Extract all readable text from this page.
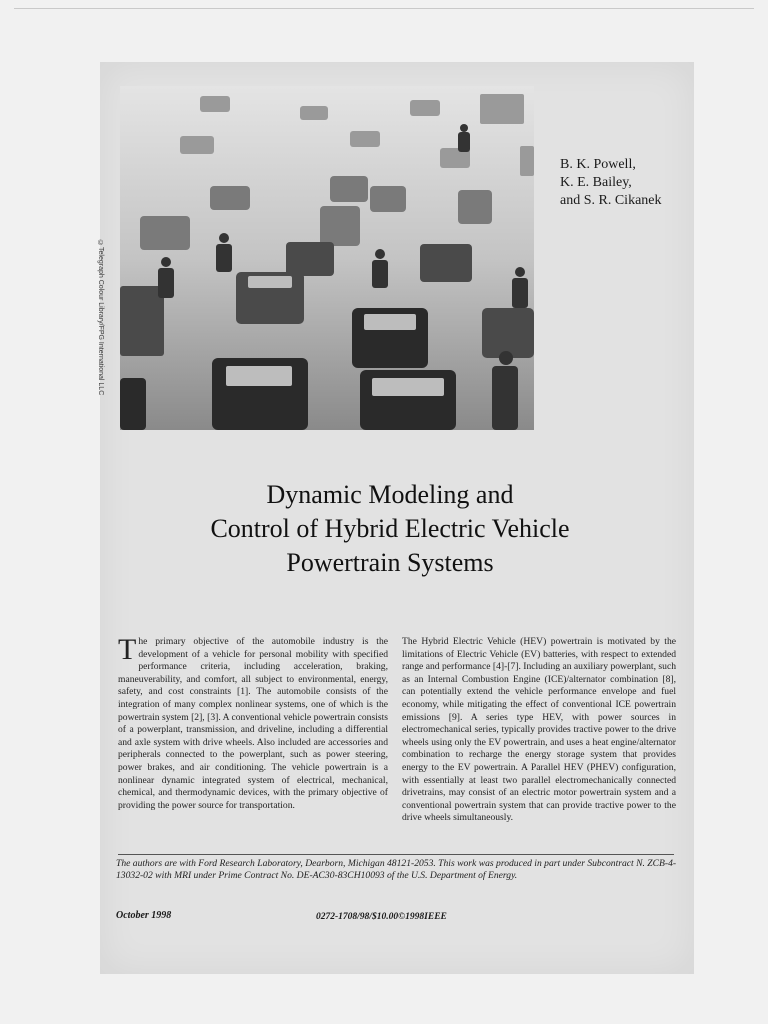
©Telegraph Colour Library/FPG International LLC
B. K. Powell,
K. E. Bailey,
and S. R. Cikanek
Dynamic Modeling and
Control of Hybrid Electric Vehicle
Powertrain Systems
The primary objective of the automobile industry is the development of a vehicle for personal mobility with specified performance criteria, including acceleration, braking, maneuverability, and comfort, all subject to environmental, energy, safety, and cost constraints [1]. The automobile consists of the integration of many complex nonlinear systems, one of which is the powertrain system [2], [3]. A conventional vehicle powertrain consists of a powerplant, transmission, and driveline, including a differential and axle system with drive wheels. Also included are accessories and peripherals connected to the powerplant, such as power steering, power brakes, and air conditioning. The vehicle powertrain is a nonlinear dynamic integrated system of electrical, mechanical, chemical, and thermodynamic devices, with the primary objective of providing the power source for transportation.
The Hybrid Electric Vehicle (HEV) powertrain is motivated by the limitations of Electric Vehicle (EV) batteries, with respect to extended range and performance [4]-[7]. Including an auxiliary powerplant, such as an Internal Combustion Engine (ICE)/alternator combination [8], can potentially extend the vehicle performance envelope and fuel economy, while mitigating the effect of conventional ICE powertrain emissions [9]. A series type HEV, with power sources in electromechanical series, typically provides tractive power to the drive wheels using only the EV powertrain, and uses a heat engine/alternator combination to recharge the energy storage system that provides energy to the EV powertrain. A Parallel HEV (PHEV) configuration, with essentially at least two parallel electromechanically connected drivetrains, may consist of an electric motor powertrain system and a conventional powertrain system that can provide tractive power to the drive wheels simultaneously.
The authors are with Ford Research Laboratory, Dearborn, Michigan 48121-2053. This work was produced in part under Subcontract N. ZCB-4-13032-02 with MRI under Prime Contract No. DE-AC30-83CH10093 of the U.S. Department of Energy.
October 1998	0272-1708/98/$10.00©1998IEEE
